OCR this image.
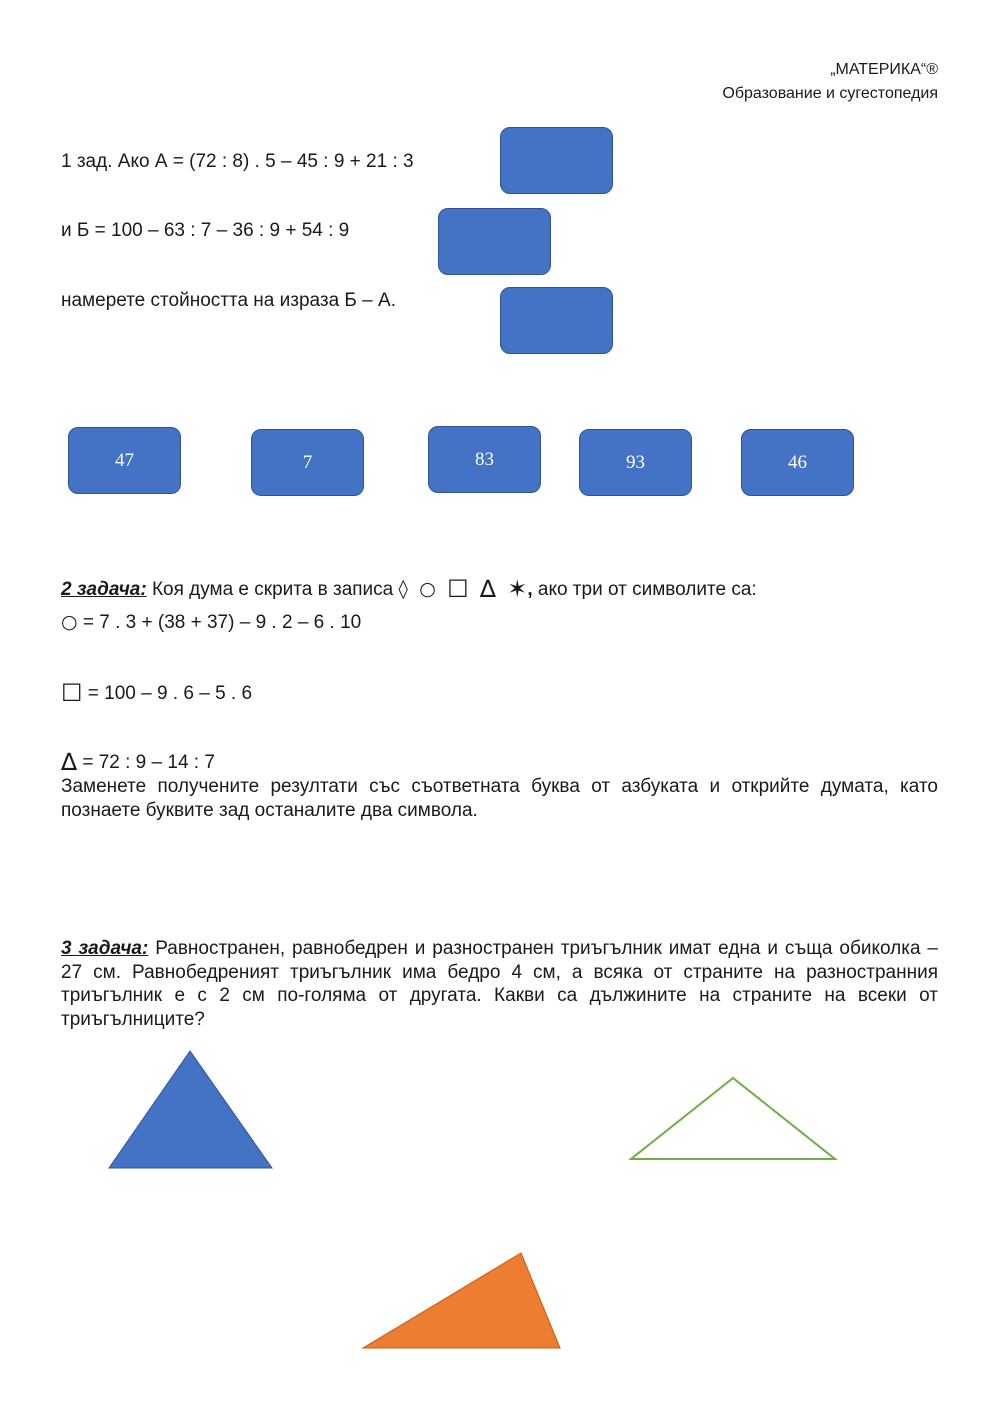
„МАТЕРИКА“®
Образование и сугестопедия
1 зад. Ако А = (72 : 8) . 5 – 45 : 9 + 21 : 3
и Б = 100 – 63 : 7 – 36 : 9 + 54 : 9
намерете стойността на израза Б – А.
47	7	83	93	46
2 задача: Коя дума е скрита в записа ◊ ○ ☐ ∆ ✶, ако три от символите са:
○ = 7 . 3 + (38 + 37) – 9 . 2 – 6 . 10
☐ = 100 – 9 . 6 – 5 . 6
∆ = 72 : 9 – 14 : 7
Заменете получените резултати със съответната буква от азбуката и открийте думата, като познаете буквите зад останалите два символа.
3 задача: Равностранен, равнобедрен и разностранен триъгълник имат една и съща обиколка – 27 см. Равнобедреният триъгълник има бедро 4 см, а всяка от страните на разностранния триъгълник е с 2 см по-голяма от другата. Какви са дължините на страните на всеки от триъгълниците?
